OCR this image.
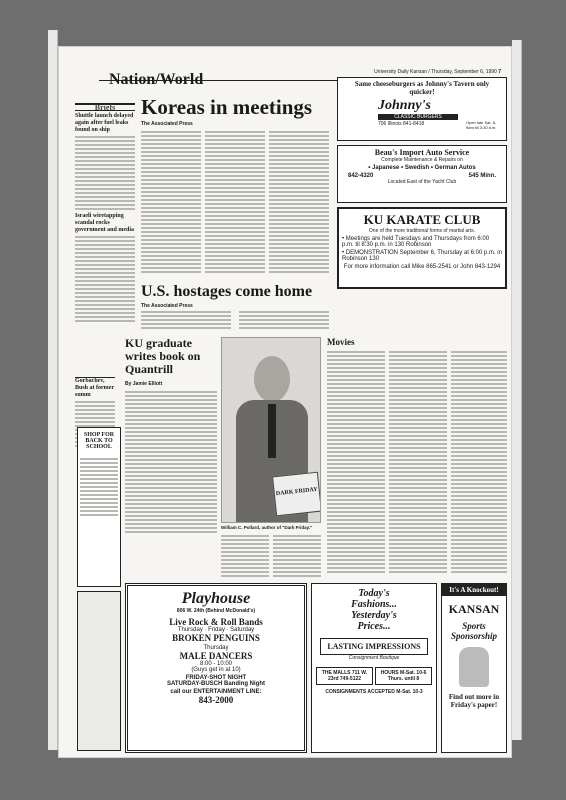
Nation/World	University Daily Kansan / Thursday, September 6, 1990 7
Briefs
Shuttle launch delayed again after fuel leaks found on ship
Israeli wiretapping scandal rocks government and media
Koreas in meetings
The Associated Press
U.S. hostages come home
The Associated Press
Gorbachev, Bush at former summ
Same cheeseburgers as Johnny's Tavern only quicker!
Johnny's
CLASSIC BURGERS
706 Illinois 841-8418	Open late Sat. 8-9am till 3:30 a.m.
Beau's Import Auto Service
Complete Maintenance & Repairs on
• Japanese • Swedish • German Autos
842-4320	545 Minn.
Located East of the Yacht Club
KU KARATE CLUB
One of the more traditional forms of martial arts.
• Meetings are held Tuesdays and Thursdays from 6:00 p.m. til 8:30 p.m. in 130 Robinson
• DEMONSTRATION September 6, Thursday at 6:00 p.m. in Robinson 130
For more information call Mike 865-2541 or John 843-1294
KU graduate writes book on Quantrill
By Jamie Elliott
DARK FRIDAY
William C. Pollard, author of "Dark Friday."
Movies
SHOP FOR BACK TO SCHOOL
Playhouse
806 W. 24th (Behind McDonald's)
Live Rock & Roll Bands
Thursday · Friday · Saturday
BROKEN PENGUINS
Thursday
MALE DANCERS
8:00 - 10:00
(Guys get in at 10)
FRIDAY-SHOT NIGHT
SATURDAY-BUSCH Banding Night
call our ENTERTAINMENT LINE:
843-2000
Today's
Fashions...
Yesterday's
Prices...
LASTING IMPRESSIONS
Consignment Boutique
THE MALLS 711 W. 23rd 749-5122
HOURS M-Sat. 10-6 Thurs. until 8
CONSIGNMENTS ACCEPTED M-Sat. 10-3
It's A Knockout!
KANSAN
Sports Sponsorship
Find out more in Friday's paper!
